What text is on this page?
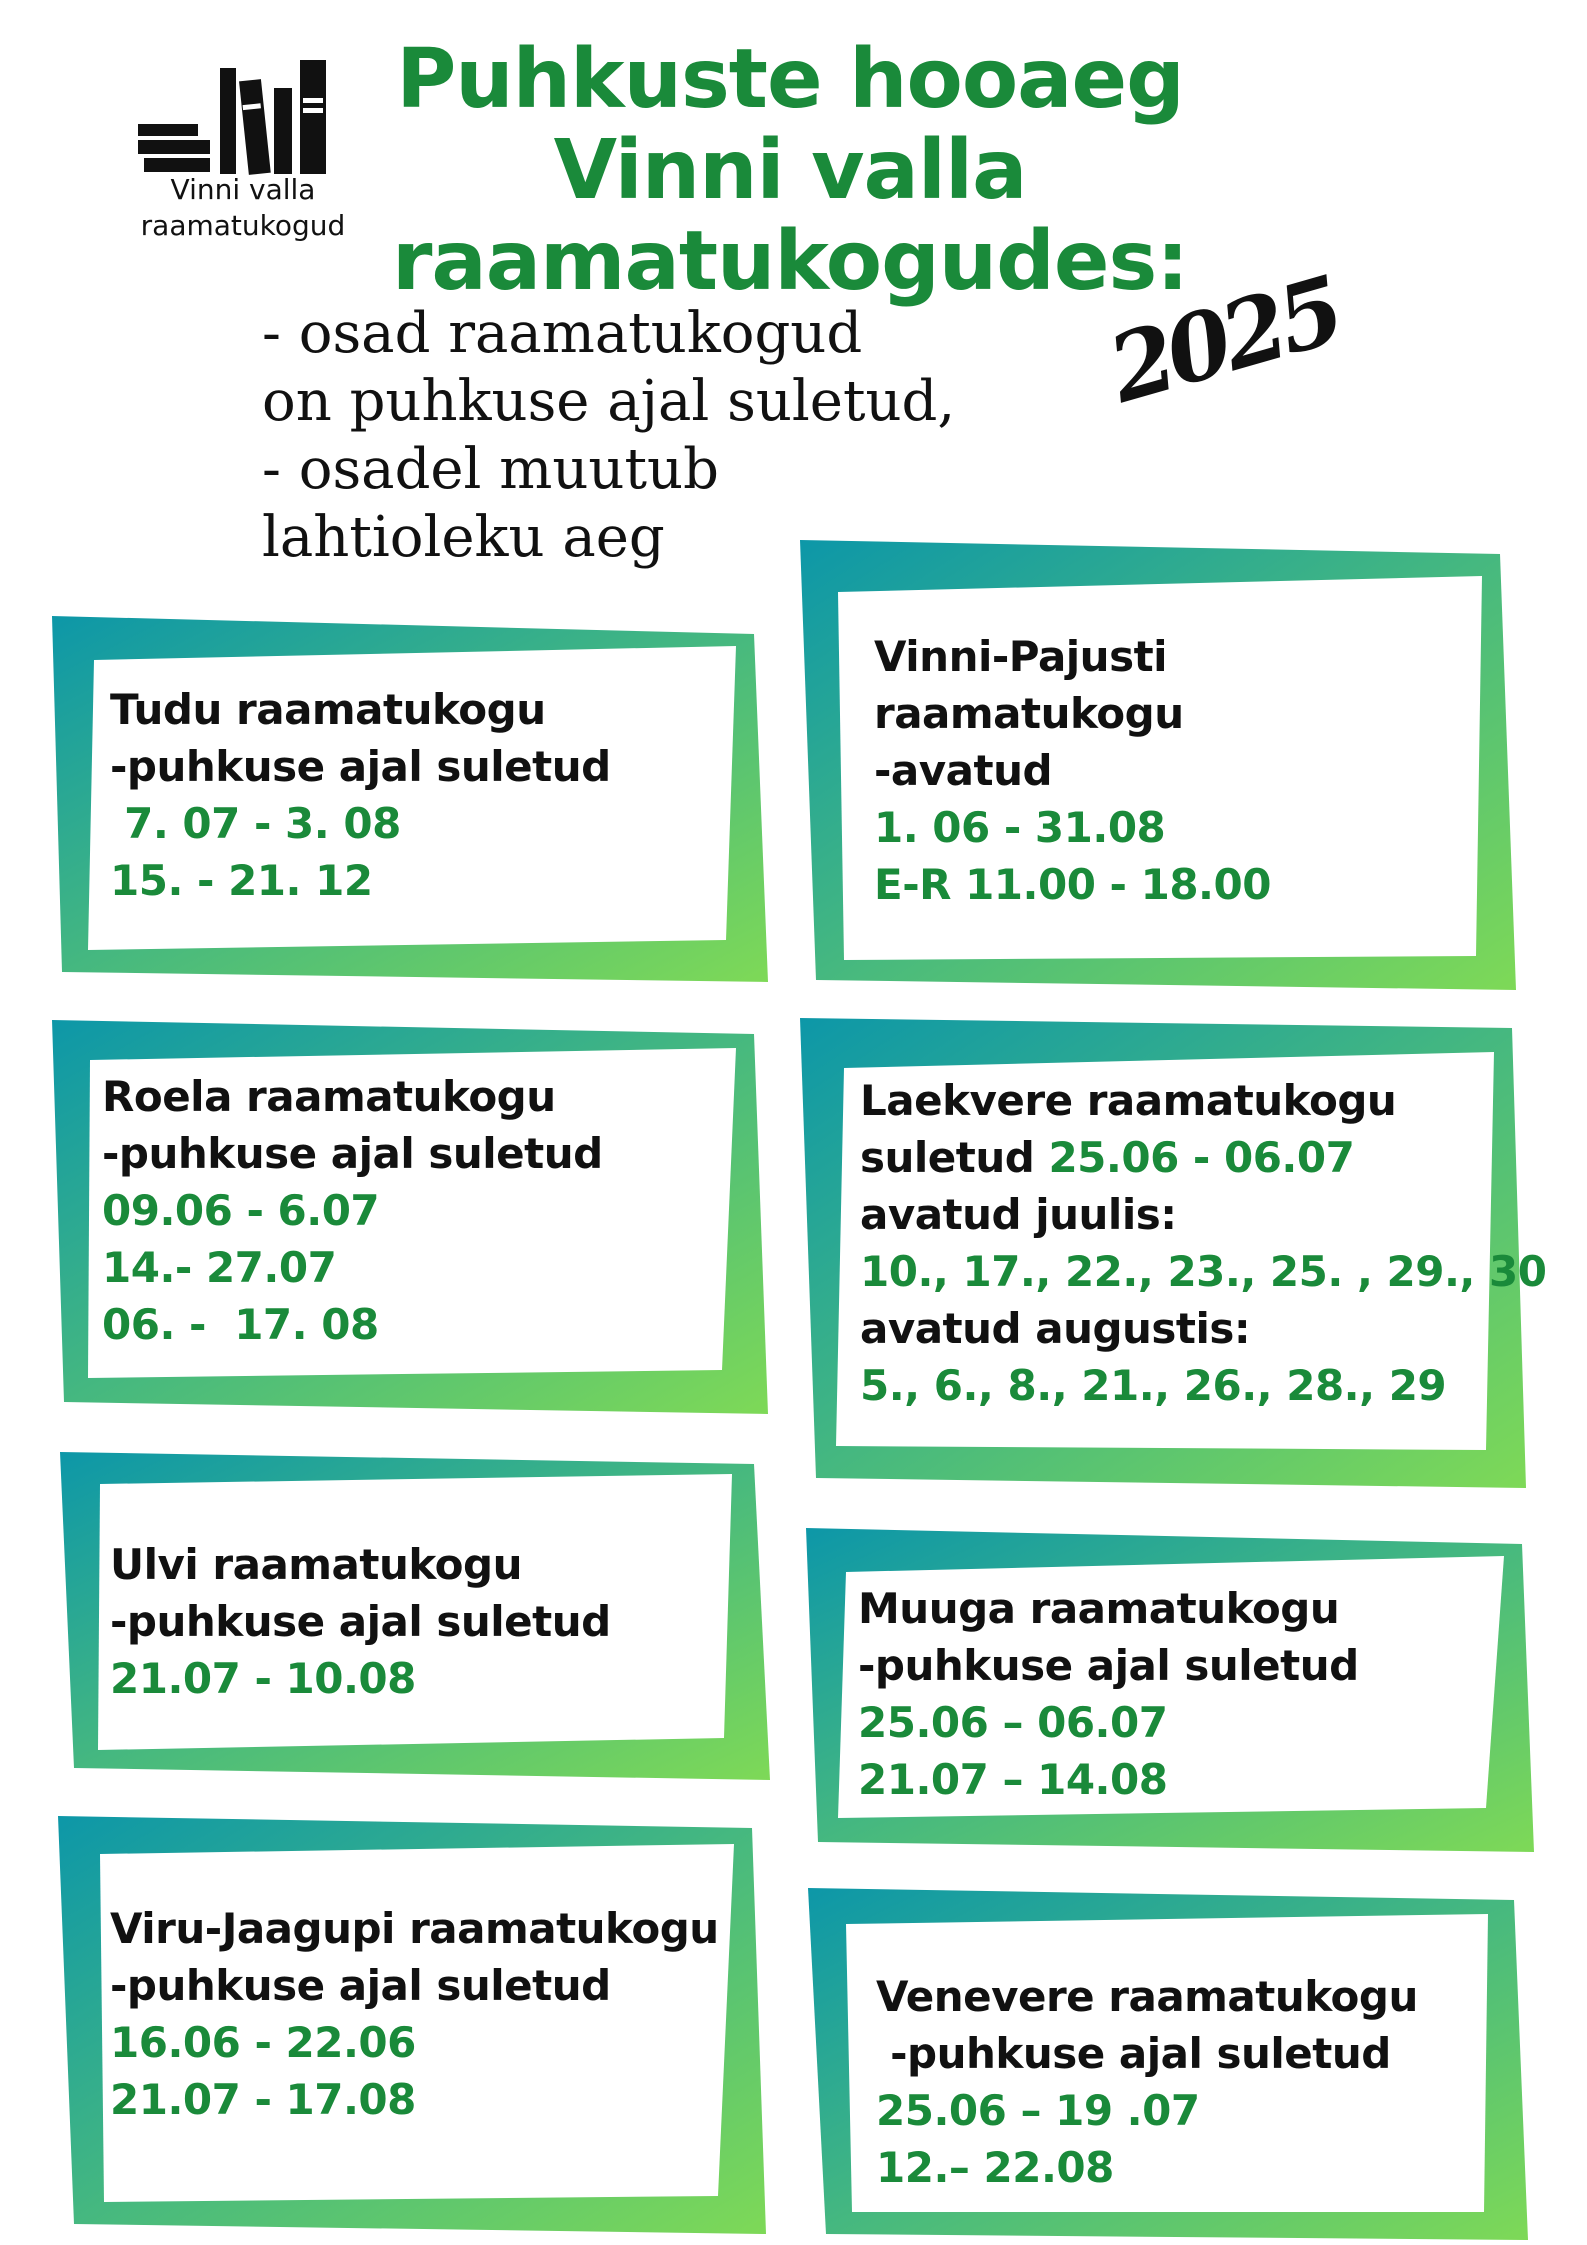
Vinni valla
raamatukogud
Puhkuste hooaeg
Vinni valla
raamatukogudes:
- osad raamatukogud
on puhkuse ajal suletud,
- osadel muutub
lahtioleku aeg
2025
Tudu raamatukogu
-puhkuse ajal suletud
7. 07 - 3. 08
15. - 21. 12
Vinni-Pajusti
raamatukogu
-avatud
1. 06 - 31.08
E-R 11.00 - 18.00
Roela raamatukogu
-puhkuse ajal suletud
09.06 - 6.07
14.- 27.07
06. -  17. 08
Laekvere raamatukogu
suletud 25.06 - 06.07
avatud juulis:
10., 17., 22., 23., 25. , 29., 30
avatud augustis:
5., 6., 8., 21., 26., 28., 29
Ulvi raamatukogu
-puhkuse ajal suletud
21.07 - 10.08
Muuga raamatukogu
-puhkuse ajal suletud
25.06 – 06.07
21.07 – 14.08
Viru-Jaagupi raamatukogu
-puhkuse ajal suletud
16.06 - 22.06
21.07 - 17.08
Venevere raamatukogu
-puhkuse ajal suletud
25.06 – 19 .07
12.– 22.08
